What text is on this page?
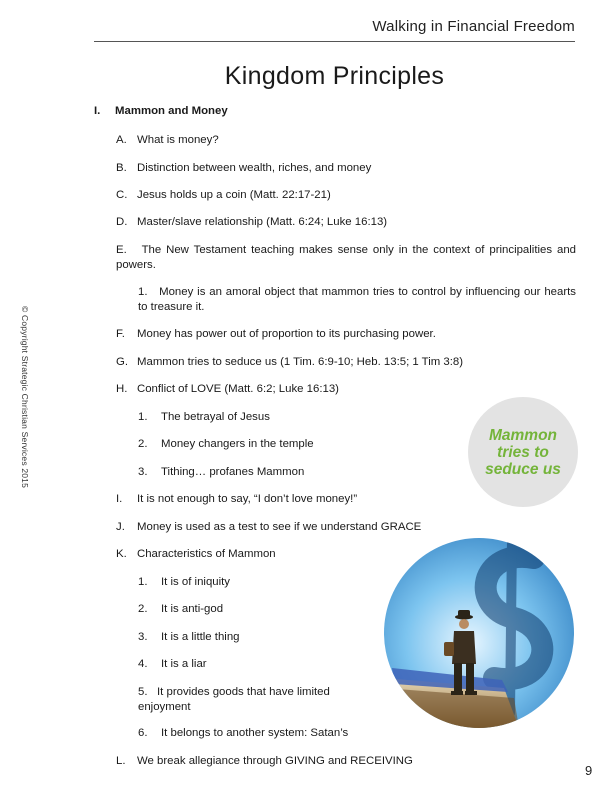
Walking in Financial Freedom
Kingdom Principles
© Copyright Strategic Christian Services 2015
I. Mammon and Money
A. What is money?
B. Distinction between wealth, riches, and money
C. Jesus holds up a coin (Matt. 22:17-21)
D. Master/slave relationship (Matt. 6:24; Luke 16:13)
E. The New Testament teaching makes sense only in the context of principalities and powers.
1. Money is an amoral object that mammon tries to control by influencing our hearts to treasure it.
F. Money has power out of proportion to its purchasing power.
G. Mammon tries to seduce us (1 Tim. 6:9-10; Heb. 13:5; 1 Tim 3:8)
H. Conflict of LOVE (Matt. 6:2; Luke 16:13)
1. The betrayal of Jesus
2. Money changers in the temple
3. Tithing… profanes Mammon
I. It is not enough to say, “I don’t love money!”
J. Money is used as a test to see if we understand GRACE
K. Characteristics of Mammon
1. It is of iniquity
2. It is anti-god
3. It is a little thing
4. It is a liar
5. It provides goods that have limited enjoyment
6. It belongs to another system: Satan’s
L. We break allegiance through GIVING and RECEIVING
Mammon
tries to
seduce us
9
